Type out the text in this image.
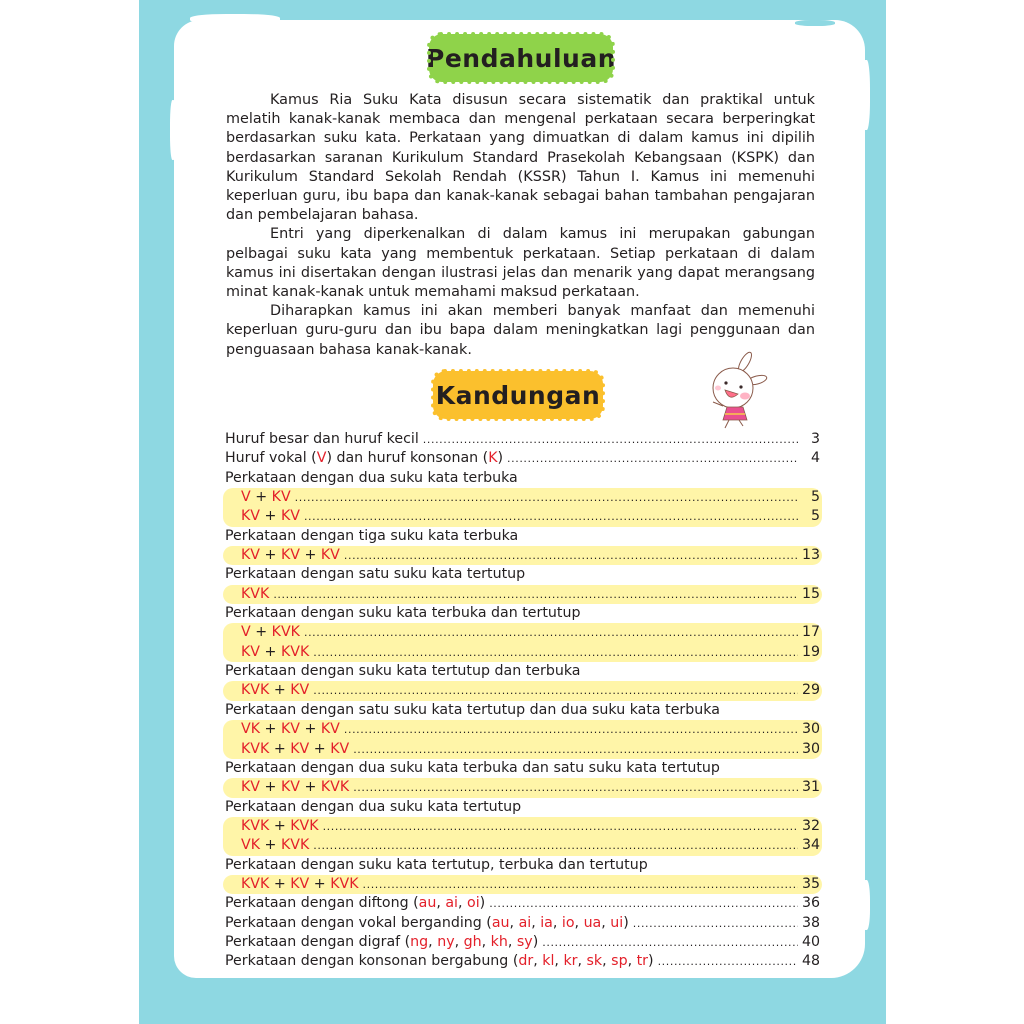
Pendahuluan

Kamus Ria Suku Kata disusun secara sistematik dan praktikal untuk melatih kanak-kanak membaca dan mengenal perkataan secara berperingkat berdasarkan suku kata. Perkataan yang dimuatkan di dalam kamus ini dipilih berdasarkan saranan Kurikulum Standard Prasekolah Kebangsaan (KSPK) dan Kurikulum Standard Sekolah Rendah (KSSR) Tahun I. Kamus ini memenuhi keperluan guru, ibu bapa dan kanak-kanak sebagai bahan tambahan pengajaran dan pembelajaran bahasa.

Entri yang diperkenalkan di dalam kamus ini merupakan gabungan pelbagai suku kata yang membentuk perkataan. Setiap perkataan di dalam kamus ini disertakan dengan ilustrasi jelas dan menarik yang dapat merangsang minat kanak-kanak untuk memahami maksud perkataan.

Diharapkan kamus ini akan memberi banyak manfaat dan memenuhi keperluan guru-guru dan ibu bapa dalam meningkatkan lagi penggunaan dan penguasaan bahasa kanak-kanak.

Kandungan
Huruf besar dan huruf kecil .....	3
Huruf vokal (V) dan huruf konsonan (K) .....	4
Perkataan dengan dua suku kata terbuka
V + KV .....	5
KV + KV .....	5
Perkataan dengan tiga suku kata terbuka
KV + KV + KV .....	13
Perkataan dengan satu suku kata tertutup
KVK .....	15
Perkataan dengan suku kata terbuka dan tertutup
V + KVK .....	17
KV + KVK .....	19
Perkataan dengan suku kata tertutup dan terbuka
KVK + KV .....	29
Perkataan dengan satu suku kata tertutup dan dua suku kata terbuka
VK + KV + KV .....	30
KVK + KV + KV .....	30
Perkataan dengan dua suku kata terbuka dan satu suku kata tertutup
KV + KV + KVK .....	31
Perkataan dengan dua suku kata tertutup
KVK + KVK .....	32
VK + KVK .....	34
Perkataan dengan suku kata tertutup, terbuka dan tertutup
KVK + KV + KVK .....	35
Perkataan dengan diftong (au, ai, oi) .....	36
Perkataan dengan vokal berganding (au, ai, ia, io, ua, ui) .....	38
Perkataan dengan digraf (ng, ny, gh, kh, sy) .....	40
Perkataan dengan konsonan bergabung (dr, kl, kr, sk, sp, tr) .....	48
